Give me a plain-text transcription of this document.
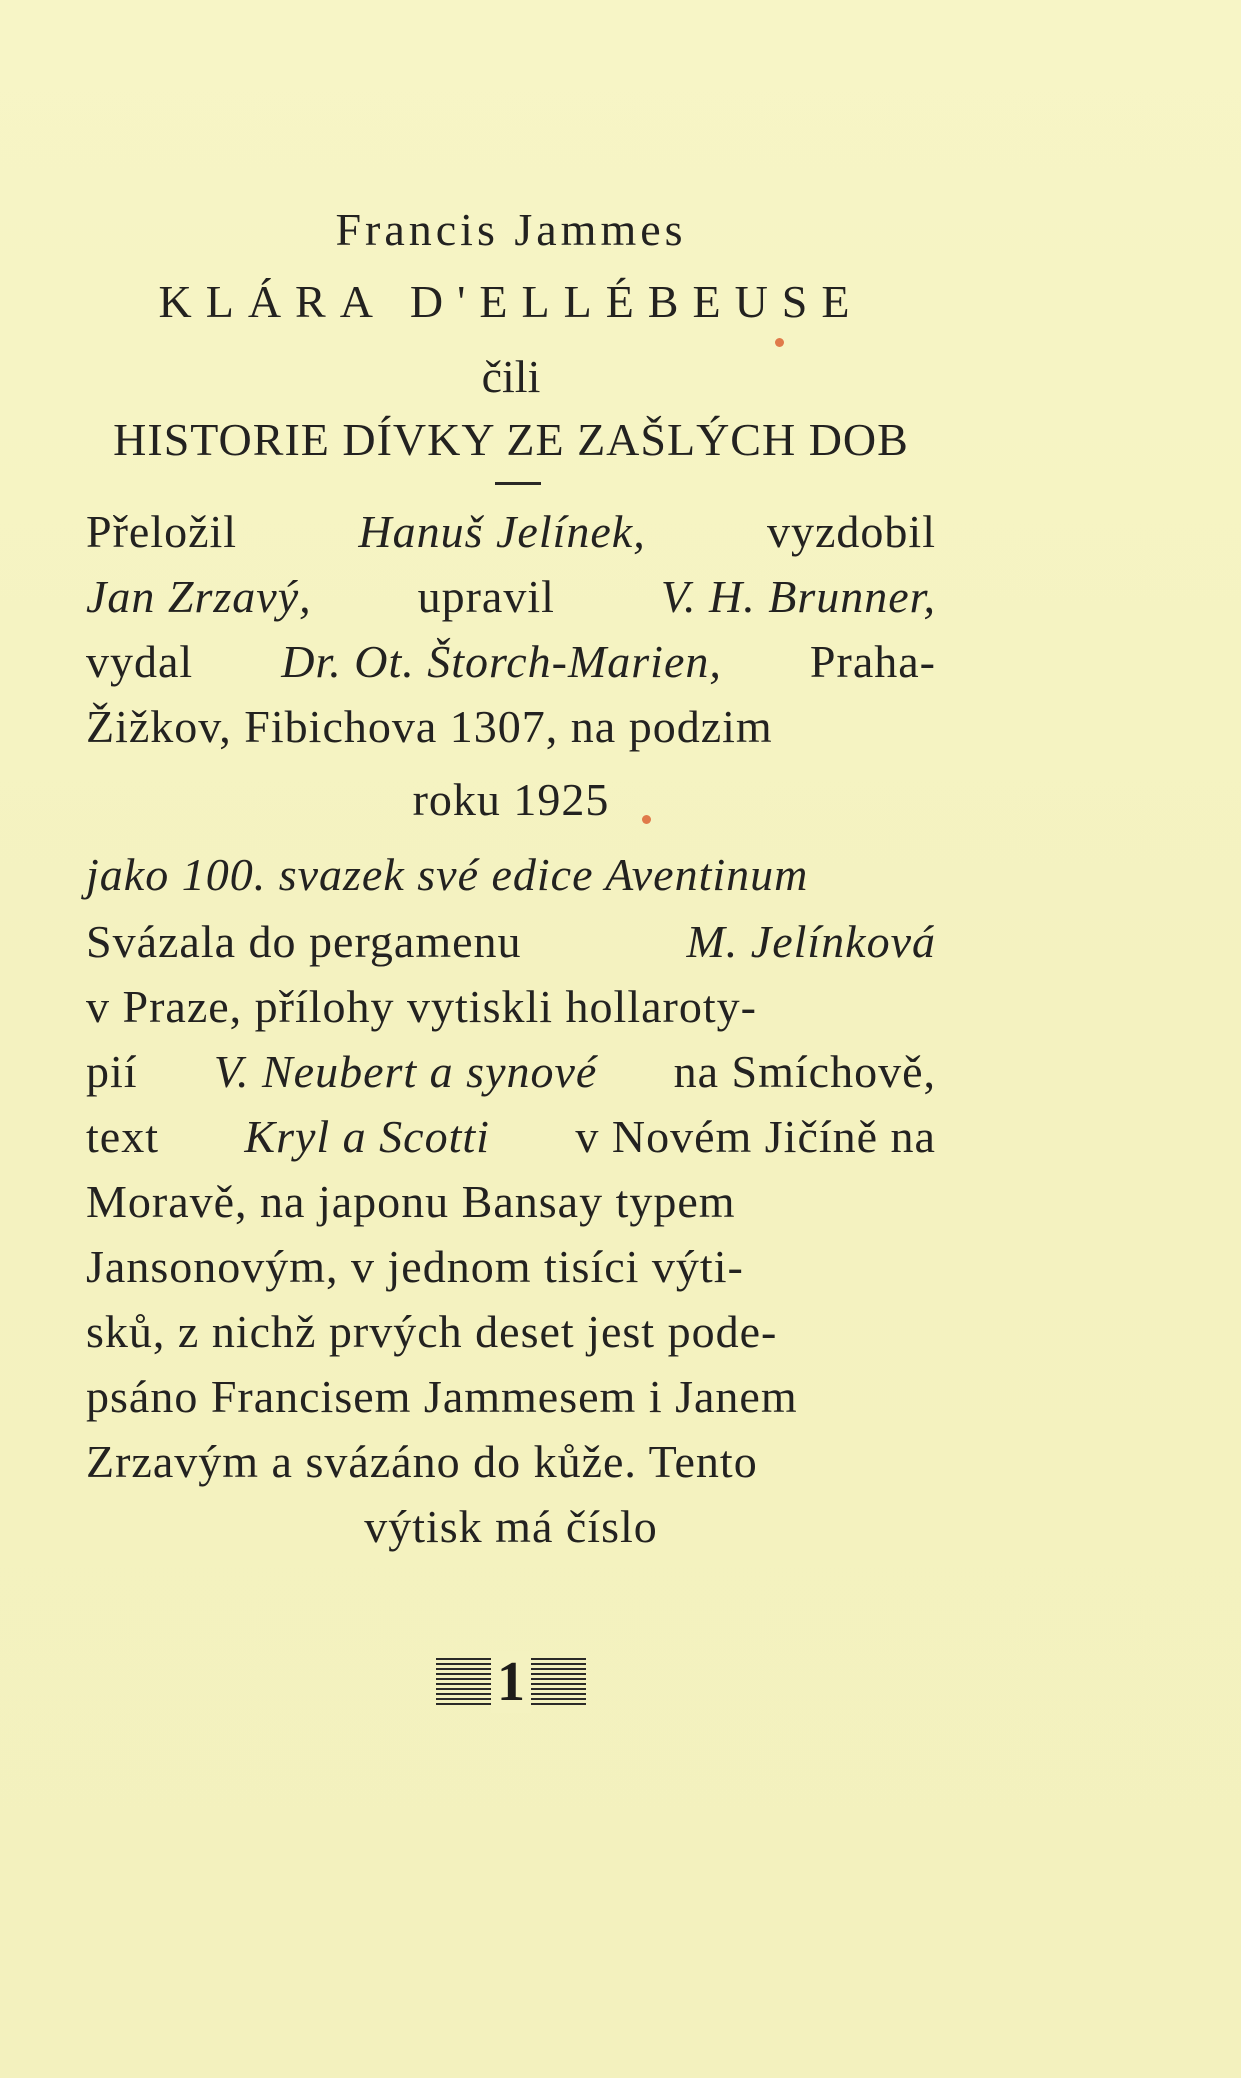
Francis Jammes
KLÁRA D'ELLÉBEUSE
čili
HISTORIE DÍVKY ZE ZAŠLÝCH DOB
Přeložil	Hanuš Jelínek,	vyzdobil
Jan Zrzavý, upravil V. H. Brunner,
vydal Dr. Ot. Štorch-Marien, Praha-
Žižkov, Fibichova 1307, na podzim
roku 1925
jako 100. svazek své edice Aventinum
Svázala do pergamenu	M. Jelínková
v Praze, přílohy vytiskli hollaroty-
pií V. Neubert a synové na Smíchově,
text Kryl a Scotti v Novém Jičíně na
Moravě, na japonu Bansay typem
Jansonovým, v jednom tisíci výti-
sků, z nichž prvých deset jest pode-
psáno Francisem Jammesem i Janem
Zrzavým a svázáno do kůže. Tento
výtisk má číslo
1
